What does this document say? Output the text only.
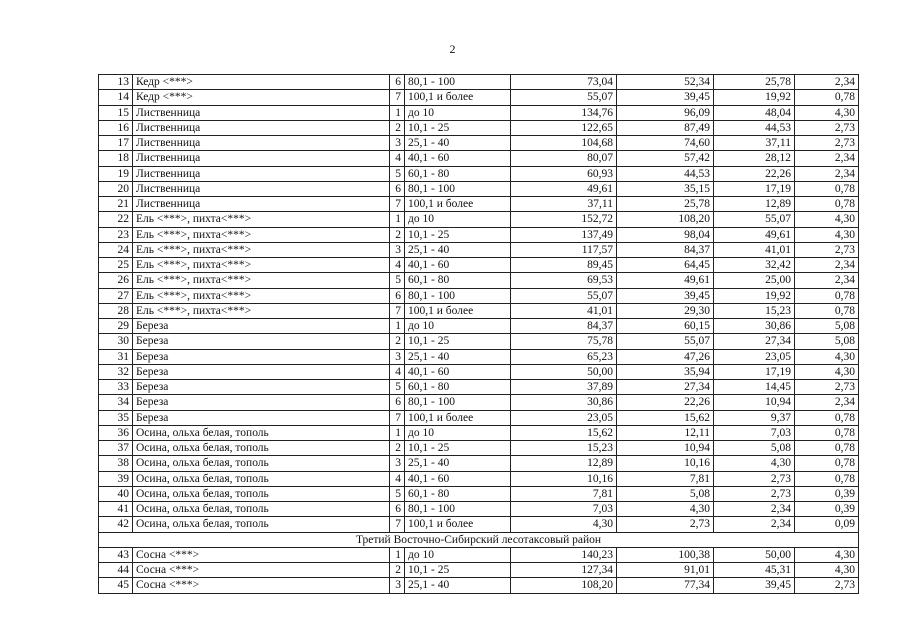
2
13	Кедр <***>	6	80,1 - 100	73,04	52,34	25,78	2,34
14	Кедр <***>	7	100,1 и более	55,07	39,45	19,92	0,78
15	Лиственница	1	до 10	134,76	96,09	48,04	4,30
16	Лиственница	2	10,1 - 25	122,65	87,49	44,53	2,73
17	Лиственница	3	25,1 - 40	104,68	74,60	37,11	2,73
18	Лиственница	4	40,1 - 60	80,07	57,42	28,12	2,34
19	Лиственница	5	60,1 - 80	60,93	44,53	22,26	2,34
20	Лиственница	6	80,1 - 100	49,61	35,15	17,19	0,78
21	Лиственница	7	100,1 и более	37,11	25,78	12,89	0,78
22	Ель <***>, пихта<***>	1	до 10	152,72	108,20	55,07	4,30
23	Ель <***>, пихта<***>	2	10,1 - 25	137,49	98,04	49,61	4,30
24	Ель <***>, пихта<***>	3	25,1 - 40	117,57	84,37	41,01	2,73
25	Ель <***>, пихта<***>	4	40,1 - 60	89,45	64,45	32,42	2,34
26	Ель <***>, пихта<***>	5	60,1 - 80	69,53	49,61	25,00	2,34
27	Ель <***>, пихта<***>	6	80,1 - 100	55,07	39,45	19,92	0,78
28	Ель <***>, пихта<***>	7	100,1 и более	41,01	29,30	15,23	0,78
29	Береза	1	до 10	84,37	60,15	30,86	5,08
30	Береза	2	10,1 - 25	75,78	55,07	27,34	5,08
31	Береза	3	25,1 - 40	65,23	47,26	23,05	4,30
32	Береза	4	40,1 - 60	50,00	35,94	17,19	4,30
33	Береза	5	60,1 - 80	37,89	27,34	14,45	2,73
34	Береза	6	80,1 - 100	30,86	22,26	10,94	2,34
35	Береза	7	100,1 и более	23,05	15,62	9,37	0,78
36	Осина, ольха белая, тополь	1	до 10	15,62	12,11	7,03	0,78
37	Осина, ольха белая, тополь	2	10,1 - 25	15,23	10,94	5,08	0,78
38	Осина, ольха белая, тополь	3	25,1 - 40	12,89	10,16	4,30	0,78
39	Осина, ольха белая, тополь	4	40,1 - 60	10,16	7,81	2,73	0,78
40	Осина, ольха белая, тополь	5	60,1 - 80	7,81	5,08	2,73	0,39
41	Осина, ольха белая, тополь	6	80,1 - 100	7,03	4,30	2,34	0,39
42	Осина, ольха белая, тополь	7	100,1 и более	4,30	2,73	2,34	0,09
Третий Восточно-Сибирский лесотаксовый район							
43	Сосна <***>	1	до 10	140,23	100,38	50,00	4,30
44	Сосна <***>	2	10,1 - 25	127,34	91,01	45,31	4,30
45	Сосна <***>	3	25,1 - 40	108,20	77,34	39,45	2,73
